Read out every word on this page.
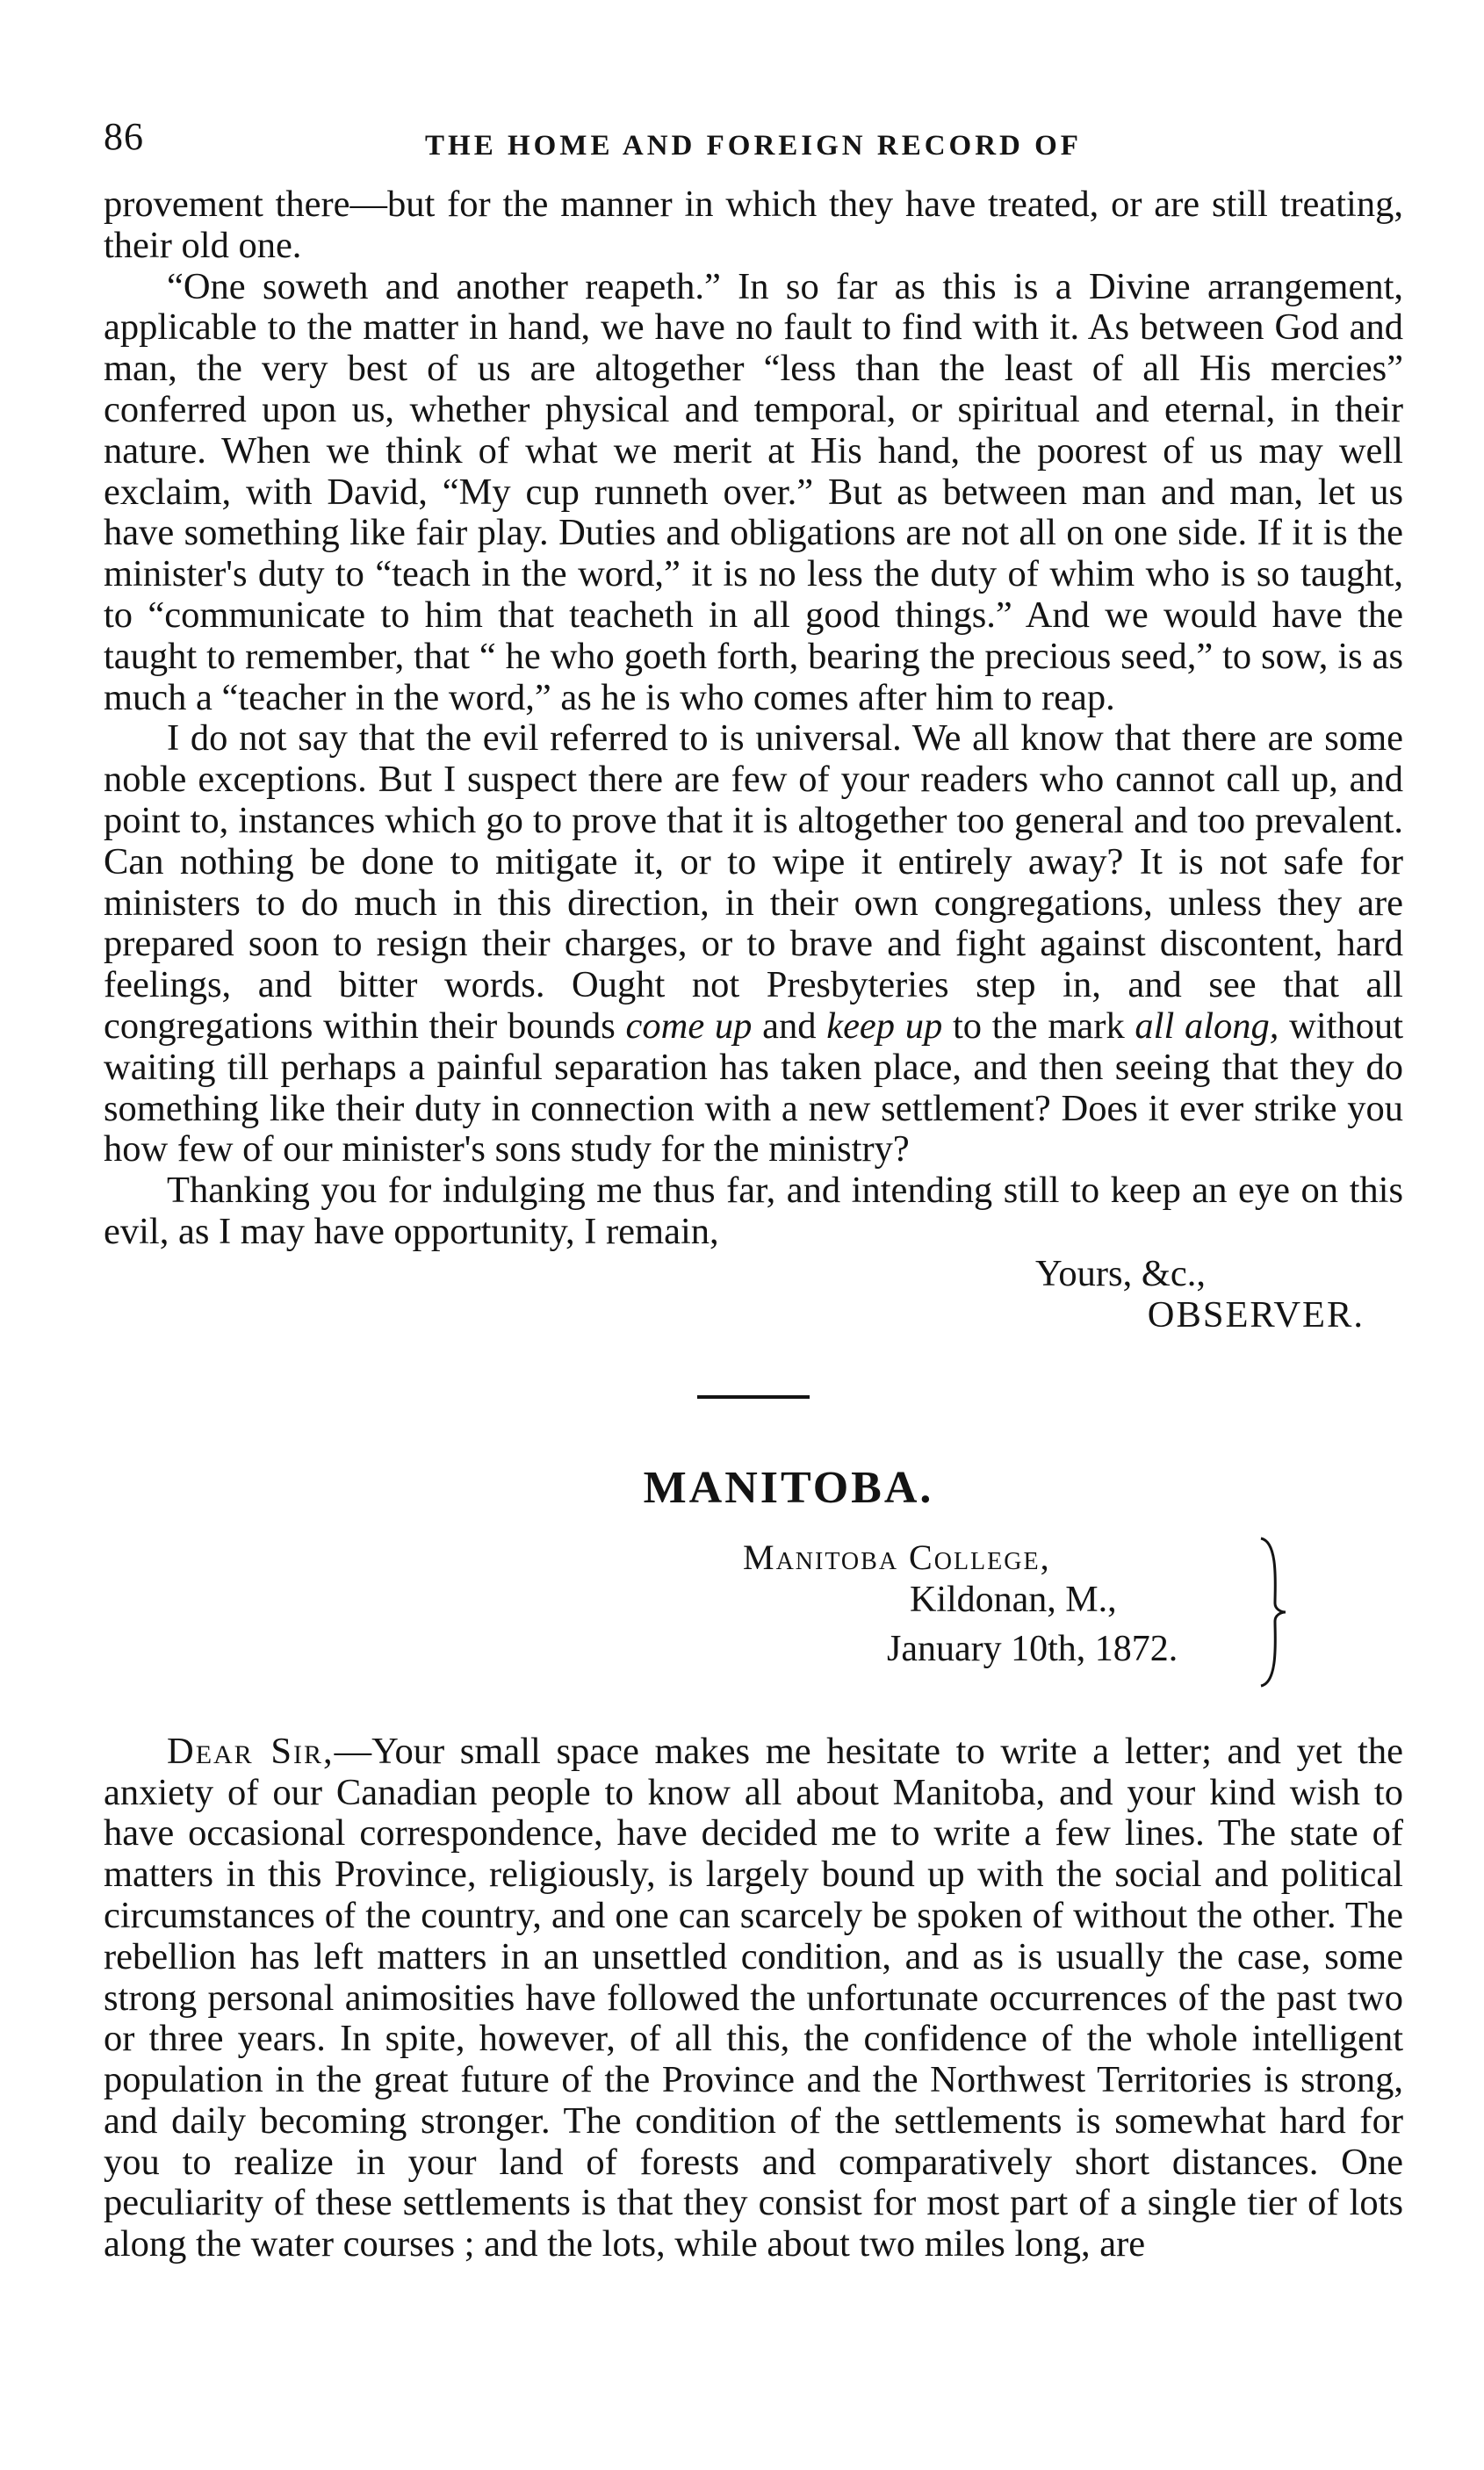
86	THE HOME AND FOREIGN RECORD OF

provement there—but for the manner in which they have treated, or are still treating, their old one.

“One soweth and another reapeth.” In so far as this is a Divine arrangement, applicable to the matter in hand, we have no fault to find with it. As between God and man, the very best of us are altogether “less than the least of all His mercies” conferred upon us, whether physical and temporal, or spiritual and eternal, in their nature. When we think of what we merit at His hand, the poorest of us may well exclaim, with David, “My cup runneth over.” But as between man and man, let us have something like fair play. Duties and obligations are not all on one side. If it is the minister's duty to “teach in the word,” it is no less the duty of whim who is so taught, to “communicate to him that teacheth in all good things.” And we would have the taught to remember, that “ he who goeth forth, bearing the precious seed,” to sow, is as much a “teacher in the word,” as he is who comes after him to reap.

I do not say that the evil referred to is universal. We all know that there are some noble exceptions. But I suspect there are few of your readers who cannot call up, and point to, instances which go to prove that it is altogether too general and too prevalent. Can nothing be done to mitigate it, or to wipe it entirely away? It is not safe for ministers to do much in this direction, in their own congregations, unless they are prepared soon to resign their charges, or to brave and fight against discontent, hard feelings, and bitter words. Ought not Presbyteries step in, and see that all congregations within their bounds come up and keep up to the mark all along, without waiting till perhaps a painful separation has taken place, and then seeing that they do something like their duty in connection with a new settlement? Does it ever strike you how few of our minister's sons study for the ministry?

Thanking you for indulging me thus far, and intending still to keep an eye on this evil, as I may have opportunity, I remain,

Yours, &c.,
OBSERVER.
MANITOBA.
Manitoba College,
Kildonan, M.,
January 10th, 1872.

Dear Sir,—Your small space makes me hesitate to write a letter; and yet the anxiety of our Canadian people to know all about Manitoba, and your kind wish to have occasional correspondence, have decided me to write a few lines. The state of matters in this Province, religiously, is largely bound up with the social and political circumstances of the country, and one can scarcely be spoken of without the other. The rebellion has left matters in an unsettled condition, and as is usually the case, some strong personal animosities have followed the unfortunate occurrences of the past two or three years. In spite, however, of all this, the confidence of the whole intelligent population in the great future of the Province and the Northwest Territories is strong, and daily becoming stronger. The condition of the settlements is somewhat hard for you to realize in your land of forests and comparatively short distances. One peculiarity of these settlements is that they consist for most part of a single tier of lots along the water courses ; and the lots, while about two miles long, are
